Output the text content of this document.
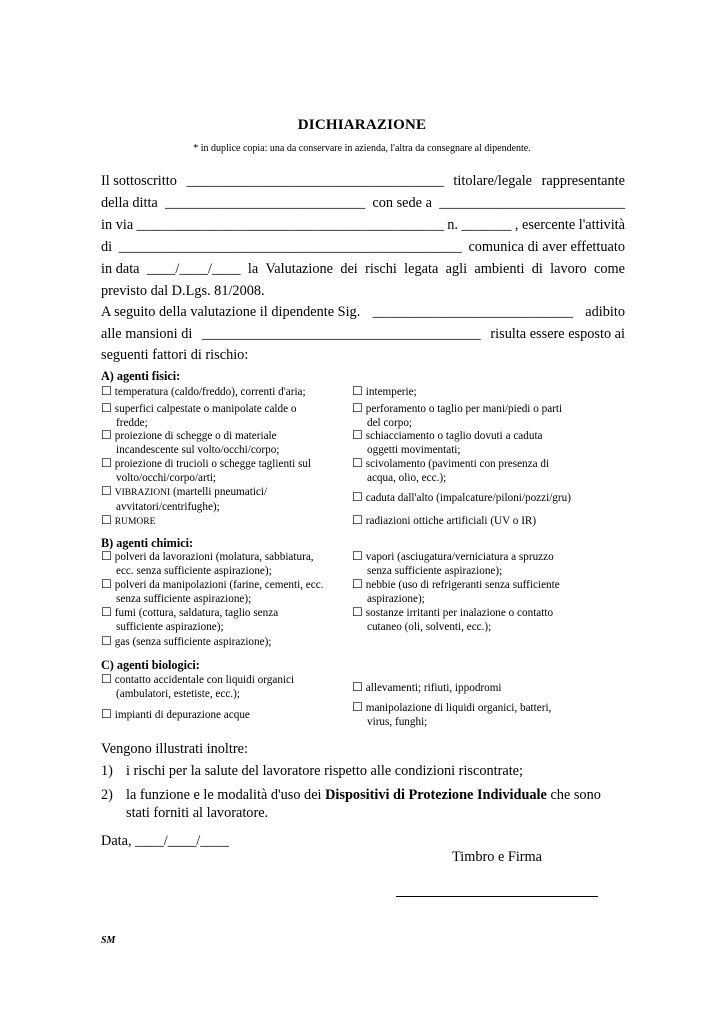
DICHIARAZIONE
* in duplice copia: una da conservare in azienda, l'altra da consegnare al dipendente.
Il sottoscritto ____________________________________ titolare/legale rappresentante
della ditta ____________________________ con sede a __________________________
in via ___________________________________________ n. _______ , esercente l'attività
di ________________________________________________ comunica di aver effettuato
in data ____/____/____ la Valutazione dei rischi legata agli ambienti di lavoro come
previsto dal D.Lgs. 81/2008.
A seguito della valutazione il dipendente Sig. ____________________________ adibito
alle mansioni di _______________________________________ risulta essere esposto ai
seguenti fattori di rischio:
A) agenti fisici:
☐ temperatura (caldo/freddo), correnti d'aria;
☐ superfici calpestate o manipolate calde o
fredde;
☐ proiezione di schegge o di materiale
incandescente sul volto/occhi/corpo;
☐ proiezione di trucioli o schegge taglienti sul
volto/occhi/corpo/arti;
☐ VIBRAZIONI (martelli pneumatici/
avvitatori/centrifughe);
☐ RUMORE
☐ intemperie;
☐ perforamento o taglio per mani/piedi o parti
del corpo;
☐ schiacciamento o taglio dovuti a caduta
oggetti movimentati;
☐ scivolamento (pavimenti con presenza di
acqua, olio, ecc.);
☐ caduta dall'alto (impalcature/piloni/pozzi/gru)
☐ radiazioni ottiche artificiali (UV o IR)
B) agenti chimici:
☐ polveri da lavorazioni (molatura, sabbiatura,
ecc. senza sufficiente aspirazione);
☐ polveri da manipolazioni (farine, cementi, ecc.
senza sufficiente aspirazione);
☐ fumi (cottura, saldatura, taglio senza
sufficiente aspirazione);
☐ gas (senza sufficiente aspirazione);
☐ vapori (asciugatura/verniciatura a spruzzo
senza sufficiente aspirazione);
☐ nebbie (uso di refrigeranti senza sufficiente
aspirazione);
☐ sostanze irritanti per inalazione o contatto
cutaneo (oli, solventi, ecc.);
C) agenti biologici:
☐ contatto accidentale con liquidi organici
(ambulatori, estetiste, ecc.);
☐ impianti di depurazione acque
☐ allevamenti; rifiuti, ippodromi
☐ manipolazione di liquidi organici, batteri,
virus, funghi;
Vengono illustrati inoltre:
1) i rischi per la salute del lavoratore rispetto alle condizioni riscontrate;
2) la funzione e le modalità d'uso dei Dispositivi di Protezione Individuale che sono
stati forniti al lavoratore.
Data, ____/____/____
Timbro e Firma
SM
